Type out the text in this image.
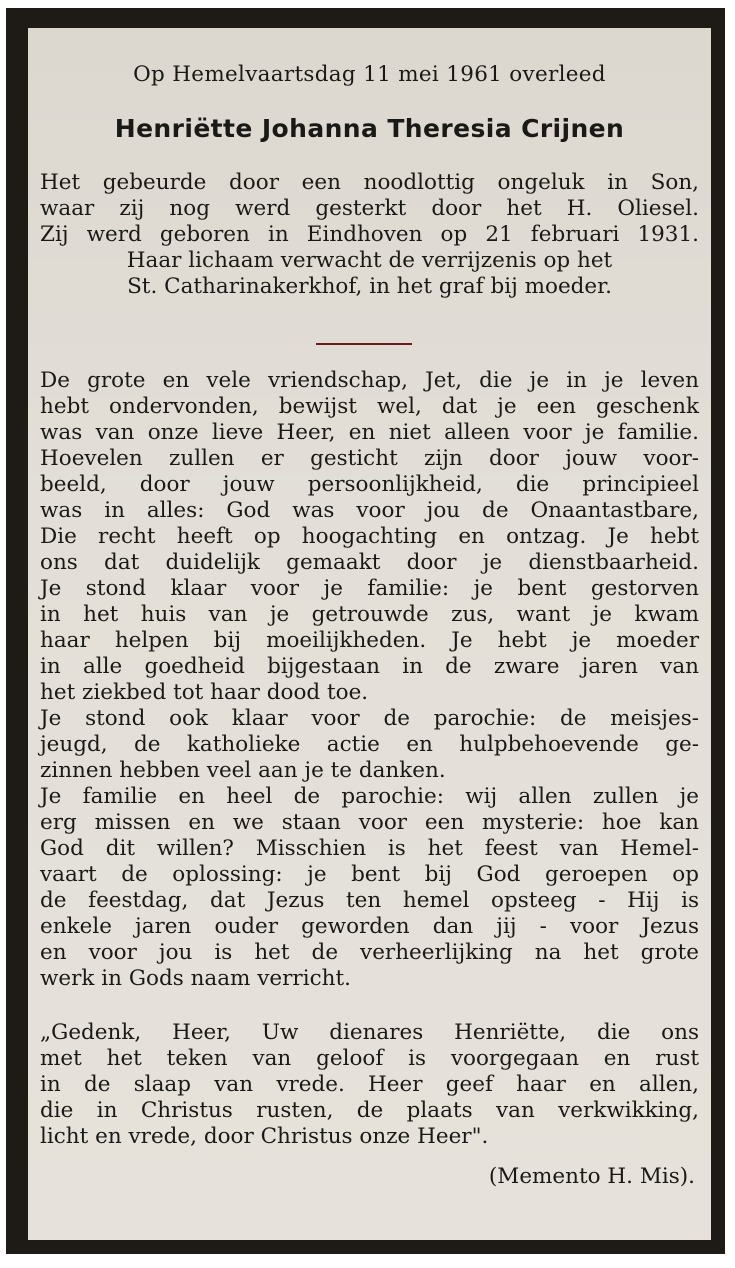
Op Hemelvaartsdag 11 mei 1961 overleed
Henriëtte Johanna Theresia Crijnen
Het gebeurde door een noodlottig ongeluk in Son,
waar zij nog werd gesterkt door het H. Oliesel.
Zij werd geboren in Eindhoven op 21 februari 1931.
Haar lichaam verwacht de verrijzenis op het
St. Catharinakerkhof, in het graf bij moeder.
De grote en vele vriendschap, Jet, die je in je leven
hebt ondervonden, bewijst wel, dat je een geschenk
was van onze lieve Heer, en niet alleen voor je familie.
Hoevelen zullen er gesticht zijn door jouw voor-
beeld, door jouw persoonlijkheid, die principieel
was in alles: God was voor jou de Onaantastbare,
Die recht heeft op hoogachting en ontzag. Je hebt
ons dat duidelijk gemaakt door je dienstbaarheid.
Je stond klaar voor je familie: je bent gestorven
in het huis van je getrouwde zus, want je kwam
haar helpen bij moeilijkheden. Je hebt je moeder
in alle goedheid bijgestaan in de zware jaren van
het ziekbed tot haar dood toe.
Je stond ook klaar voor de parochie: de meisjes-
jeugd, de katholieke actie en hulpbehoevende ge-
zinnen hebben veel aan je te danken.
Je familie en heel de parochie: wij allen zullen je
erg missen en we staan voor een mysterie: hoe kan
God dit willen? Misschien is het feest van Hemel-
vaart de oplossing: je bent bij God geroepen op
de feestdag, dat Jezus ten hemel opsteeg - Hij is
enkele jaren ouder geworden dan jij - voor Jezus
en voor jou is het de verheerlijking na het grote
werk in Gods naam verricht.
„Gedenk, Heer, Uw dienares Henriëtte, die ons
met het teken van geloof is voorgegaan en rust
in de slaap van vrede. Heer geef haar en allen,
die in Christus rusten, de plaats van verkwikking,
licht en vrede, door Christus onze Heer".
(Memento H. Mis).
